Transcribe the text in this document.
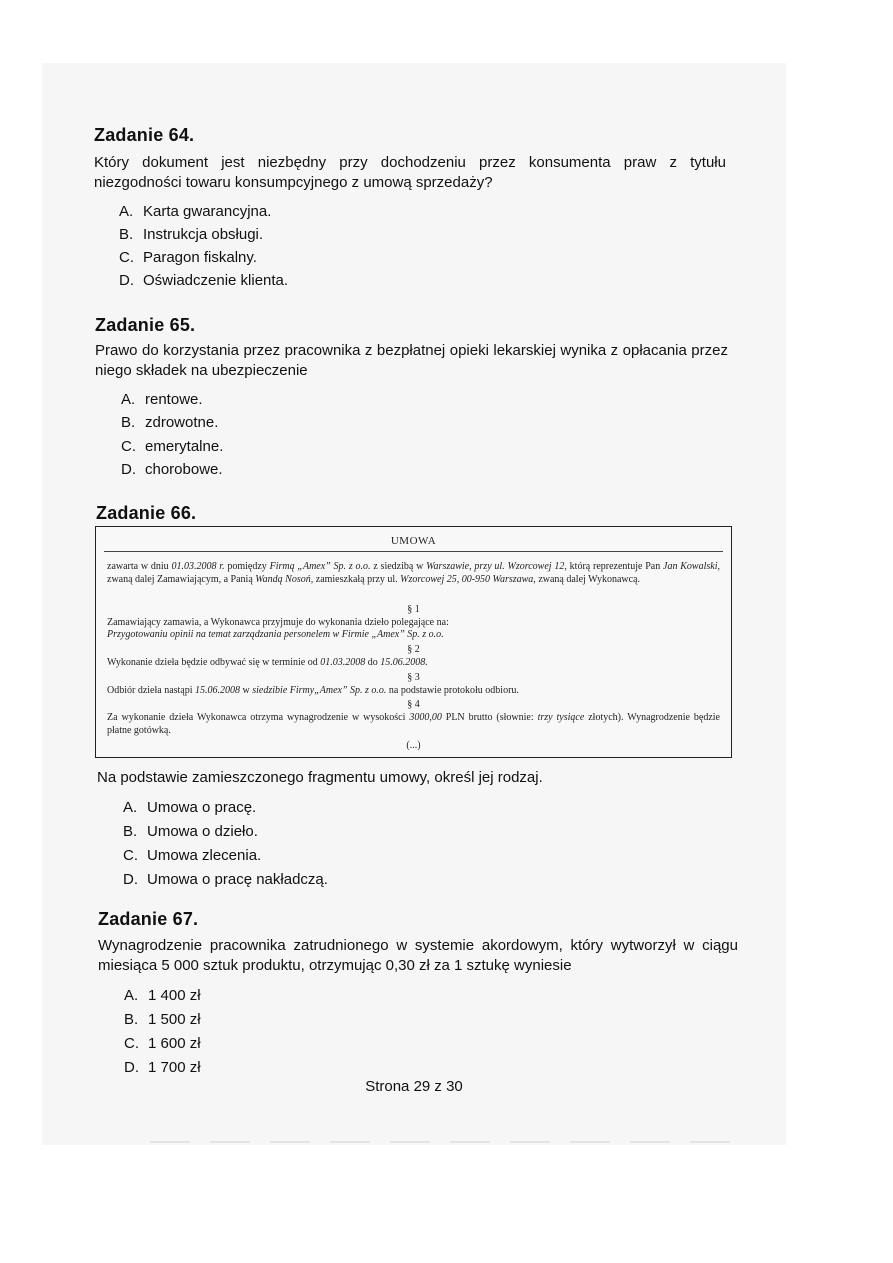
Zadanie 64.
Który dokument jest niezbędny przy dochodzeniu przez konsumenta praw z tytułu niezgodności towaru konsumpcyjnego z umową sprzedaży?
A. Karta gwarancyjna.
B. Instrukcja obsługi.
C. Paragon fiskalny.
D. Oświadczenie klienta.
Zadanie 65.
Prawo do korzystania przez pracownika z bezpłatnej opieki lekarskiej wynika z opłacania przez niego składek na ubezpieczenie
A. rentowe.
B. zdrowotne.
C. emerytalne.
D. chorobowe.
Zadanie 66.
UMOWA
zawarta w dniu 01.03.2008 r. pomiędzy Firmą „Amex” Sp. z o.o. z siedzibą w Warszawie, przy ul. Wzorcowej 12, którą reprezentuje Pan Jan Kowalski, zwaną dalej Zamawiającym, a Panią Wandą Nosoń, zamieszkałą przy ul. Wzorcowej 25, 00-950 Warszawa, zwaną dalej Wykonawcą.
§ 1
Zamawiający zamawia, a Wykonawca przyjmuje do wykonania dzieło polegające na:
Przygotowaniu opinii na temat zarządzania personelem w Firmie „Amex” Sp. z o.o.
§ 2
Wykonanie dzieła będzie odbywać się w terminie od 01.03.2008 do 15.06.2008.
§ 3
Odbiór dzieła nastąpi 15.06.2008 w siedzibie Firmy„Amex” Sp. z o.o. na podstawie protokołu odbioru.
§ 4
Za wykonanie dzieła Wykonawca otrzyma wynagrodzenie w wysokości 3000,00 PLN brutto (słownie: trzy tysiące złotych). Wynagrodzenie będzie płatne gotówką.
(...)
Na podstawie zamieszczonego fragmentu umowy, określ jej rodzaj.
A. Umowa o pracę.
B. Umowa o dzieło.
C. Umowa zlecenia.
D. Umowa o pracę nakładczą.
Zadanie 67.
Wynagrodzenie pracownika zatrudnionego w systemie akordowym, który wytworzył w ciągu miesiąca 5 000 sztuk produktu, otrzymując 0,30 zł za 1 sztukę wyniesie
A. 1 400 zł
B. 1 500 zł
C. 1 600 zł
D. 1 700 zł
Strona 29 z 30
